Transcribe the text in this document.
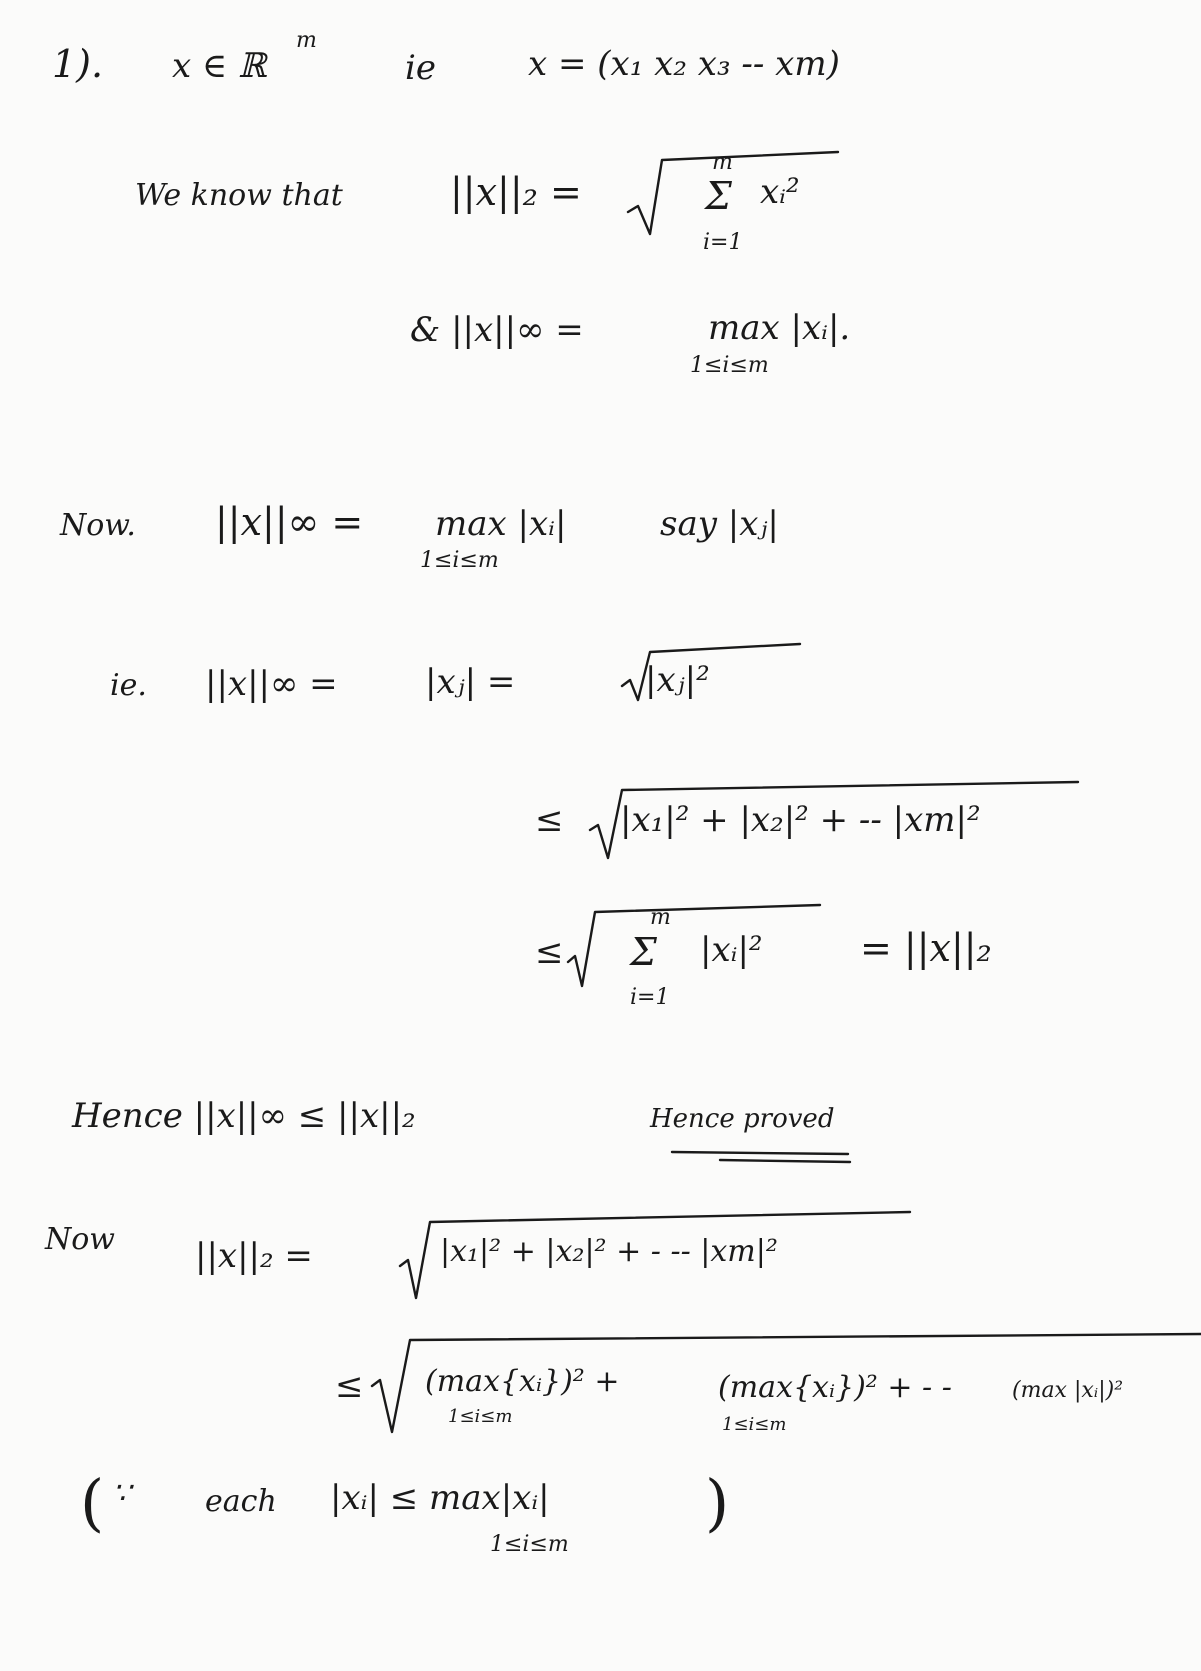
1). x ∈ ℝ
m
ie	x = (x₁ x₂ x₃ -- xm)
We know that	||x||₂ =
m
Σ
i=1
xᵢ²
& ||x||∞ =	max |xᵢ|.
1≤i≤m
Now. ||x||∞ = max |xᵢ|
1≤i≤m
say |xⱼ|
ie. ||x||∞ =	|xⱼ| =	|xⱼ|²
≤ |x₁|² + |x₂|² + -- |xm|²
≤
m
Σ
i=1
|xᵢ|²	= ||x||₂
Hence ||x||∞ ≤ ||x||₂	Hence proved
Now ||x||₂ =	|x₁|² + |x₂|² + - -- |xm|²
≤ (max{xᵢ})² +
1≤i≤m
(max{xᵢ})² + - -
1≤i≤m
(max |xᵢ|)²
( ∵ each |xᵢ| ≤ max|xᵢ|
1≤i≤m
)
